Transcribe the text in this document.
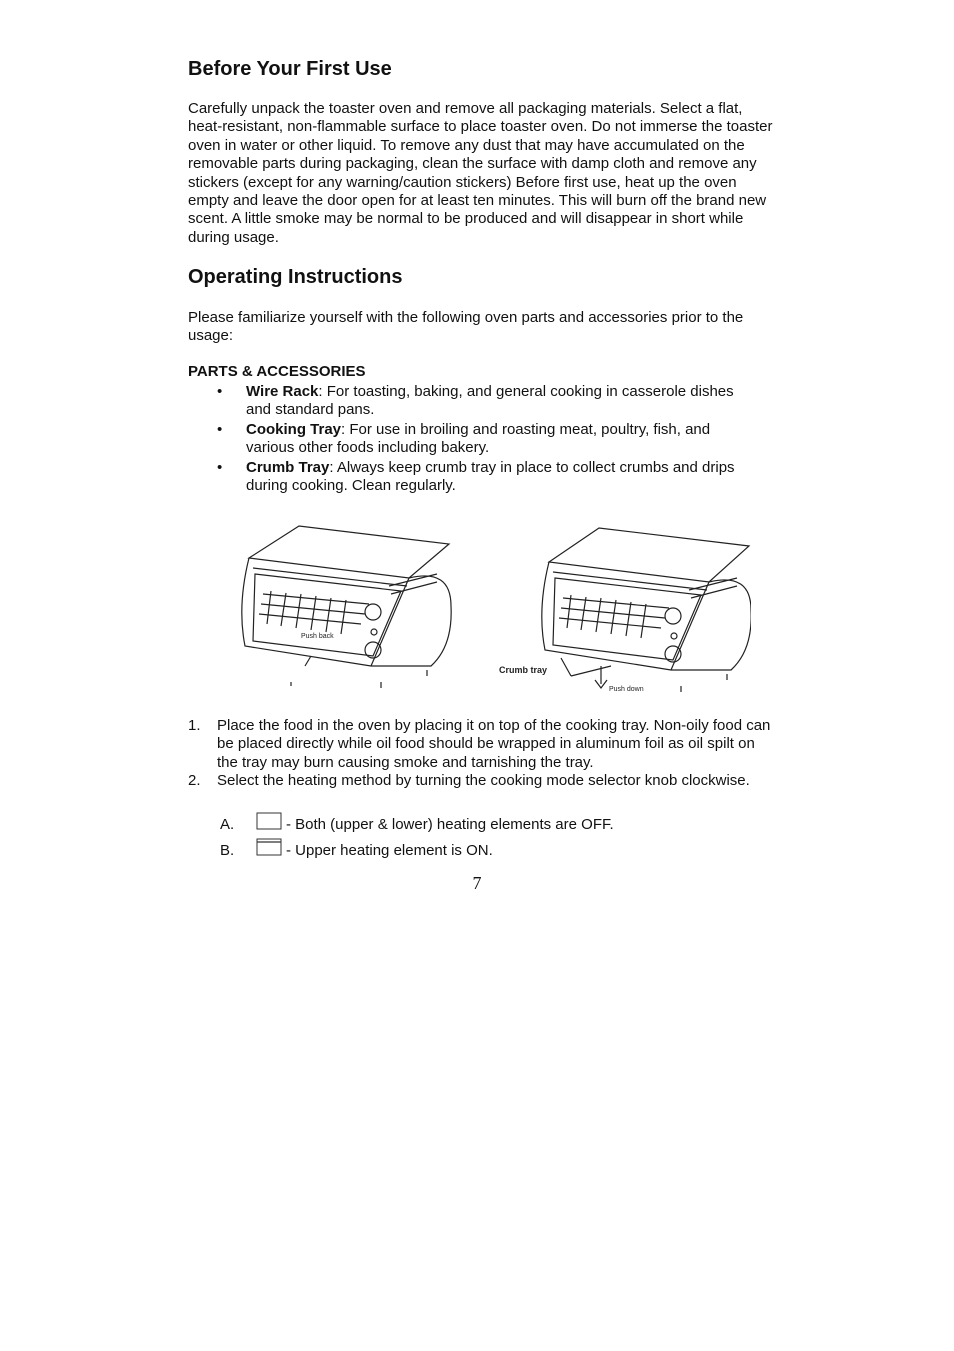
Before Your First Use

Carefully unpack the toaster oven and remove all packaging materials. Select a flat, heat-resistant, non-flammable surface to place toaster oven. Do not immerse the toaster oven in water or other liquid. To remove any dust that may have accumulated on the removable parts during packaging, clean the surface with damp cloth and remove any stickers (except for any warning/caution stickers) Before first use, heat up the oven empty and leave the door open for at least ten minutes. This will burn off the brand new scent. A little smoke may be normal to be produced and will disappear in short while during usage.

Operating Instructions

Please familiarize yourself with the following oven parts and accessories prior to the usage:

PARTS & ACCESSORIES
• Wire Rack: For toasting, baking, and general cooking in casserole dishes and standard pans.
• Cooking Tray: For use in broiling and roasting meat, poultry, fish, and various other foods including bakery.
• Crumb Tray: Always keep crumb tray in place to collect crumbs and drips during cooking. Clean regularly.
Push back
Crumb tray
Push down
1. Place the food in the oven by placing it on top of the cooking tray. Non-oily food can be placed directly while oil food should be wrapped in aluminum foil as oil spilt on the tray may burn causing smoke and tarnishing the tray.
2. Select the heating method by turning the cooking mode selector knob clockwise.
A.	- Both (upper & lower) heating elements are OFF.
B.	- Upper heating element is ON.
7
